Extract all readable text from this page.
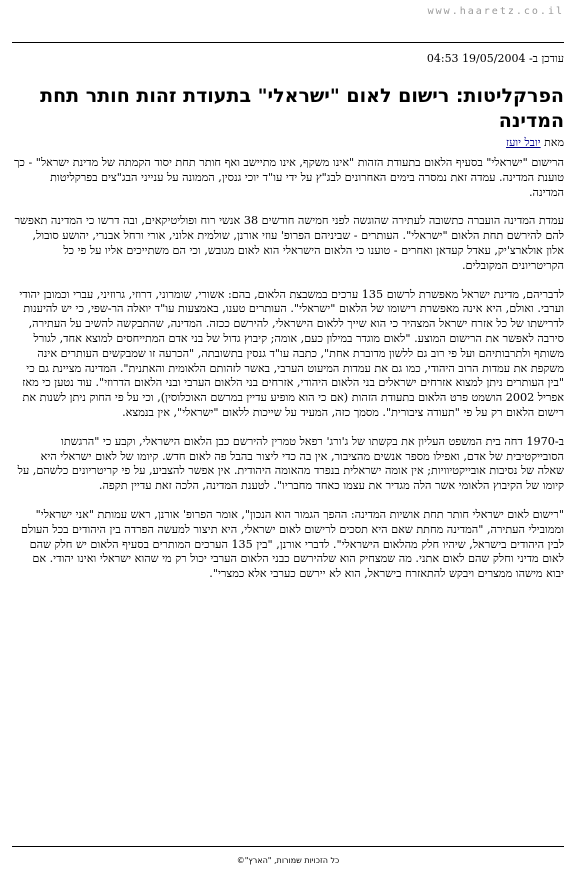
www.haaretz.co.il
עודכן ב- 19/05/2004 04:53
הפרקליטות: רישום לאום "ישראלי" בתעודת זהות חותר תחת המדינה
מאת יובל יועז

הרישום "ישראלי" בסעיף הלאום בתעודת הזהות "אינו משקף, אינו מתיישב ואף חותר תחת יסוד הקמתה של מדינת ישראל" - כך טוענת המדינה. עמדה זאת נמסרה בימים האחרונים לבג"ץ על ידי עו"ד יוכי גנסין, הממונה על ענייני הבג"צים בפרקליטות המדינה.

עמדת המדינה הועברה כתשובה לעתירה שהוגשה לפני חמישה חודשים 38 אנשי רוח ופוליטיקאים, ובה דרשו כי המדינה תאפשר להם להירשם תחת הלאום "ישראלי". העותרים - שביניהם הפרופ' עוזי אורנן, שולמית אלוני, אורי ורחל אבנרי, יהושע סובול, אלון אולארצ'יק, עאדל קעדאן ואחרים - טוענו כי הלאום הישראלי הוא לאום מגובש, וכי הם משתייכים אליו על פי כל הקריטריונים המקובלים.

לדבריהם, מדינת ישראל מאפשרת לרשום 135 ערכים במשבצת הלאום, בהם: אשורי, שומרוני, דרוזי, גרוזיני, עברי וכמובן יהודי וערבי. ואולם, היא אינה מאפשרת רישומו של הלאום "ישראלי". העותרים טענו, באמצעות עו"ד יואלה הר-שפי, כי יש להיענות לדרישתו של כל אזרח ישראל המצהיר כי הוא שייך ללאום הישראלי, להירשם ככזה. המדינה, שהתבקשה להשיב על העתירה, סירבה לאפשר את הרישום המוצע. "לאום מוגדר במילון כעם, אומה; קיבוץ גדול של בני אדם המתייחסים למוצא אחד, לגורל משותף ולתרבותיהם ועל פי רוב גם ללשון מדוברת אחת", כתבה עו"ד גנסין בתשובתה, "הכרעה זו שמבקשים העותרים אינה משקפת את עמדות הרוב היהודי, כמו גם את עמדות המיעוט הערבי, באשר לזהותם הלאומית והאתנית". המדינה מציינת גם כי "בין העותרים ניתן למצוא אזרחים ישראלים בני הלאום היהודי, אזרחים בני הלאום הערבי ובני הלאום הדרוזי". עוד נטען כי מאז אפריל 2002 הושמט פרט הלאום בתעודת הזהות (אם כי הוא מופיע עדיין במרשם האוכלוסין), וכי על פי החוק ניתן לשנות את רישום הלאום רק על פי "תעודה ציבורית". מסמך כזה, המעיד על שייכות ללאום "ישראלי", אין בנמצא.

ב-1970 דחה בית המשפט העליון את בקשתו של ג'ורג' רפאל טמרין להירשם כבן הלאום הישראלי, וקבע כי "הרגשתו הסובייקטיבית של אדם, ואפילו מספר אנשים מהציבור, אין בה כדי ליצור בהבל פה לאום חדש. קיומו של לאום ישראלי היא שאלה של נסיבות אובייקטיוויות; אין אומה ישראלית בנפרד מהאומה היהודית. אין אפשר להצביע, על פי קריטריונים כלשהם, על קיומו של הקיבוץ הלאומי אשר הלה מגדיר את עצמו כאחד מחבריו". לטענת המדינה, הלכה זאת עדיין תקפה.

"רישום לאום ישראלי חותר תחת אושיות המדינה: ההפך הגמור הוא הנכון", אומר הפרופ' אורנן, ראש עמותת "אני ישראלי" וממובילי העתירה, "המדינה מחתת שאם היא תסכים לרישום לאום ישראלי, היא תיצור למעשה הפרדה בין היהודים בכל העולם לבין היהודים בישראל, שיהיו חלק מהלאום הישראלי". לדברי אורנן, "בין 135 הערכים המותרים בסעיף הלאום יש חלק שהם לאום מדיני וחלק שהם לאום אתני. מה שמצחיק הוא שלהירשם כבני הלאום הערבי יכול רק מי שהוא ישראלי ואינו יהודי. אם יבוא מישהו ממצרים ויבקש להתאזרח בישראל, הוא לא יירשם כערבי אלא כמצרי".

כל הזכויות שמורות, "הארץ"©
